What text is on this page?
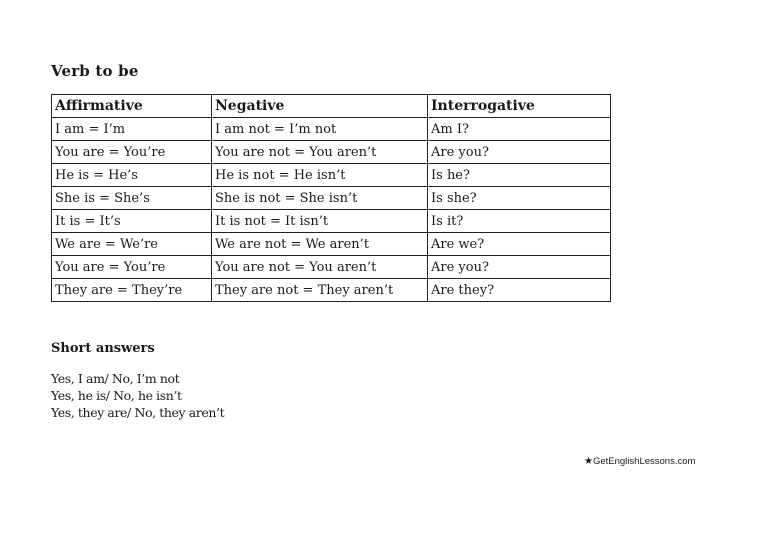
Verb to be
Affirmative	Negative	Interrogative
I am = I’m	I am not = I’m not	Am I?
You are = You’re	You are not = You aren’t	Are you?
He is = He’s	He is not = He isn’t	Is he?
She is = She’s	She is not = She isn’t	Is she?
It is = It’s	It is not = It isn’t	Is it?
We are = We’re	We are not = We aren’t	Are we?
You are = You’re	You are not = You aren’t	Are you?
They are = They’re	They are not = They aren’t	Are they?
Short answers
Yes, I am/ No, I’m not
Yes, he is/ No, he isn’t
Yes, they are/ No, they aren’t
★GetEnglishLessons.com
